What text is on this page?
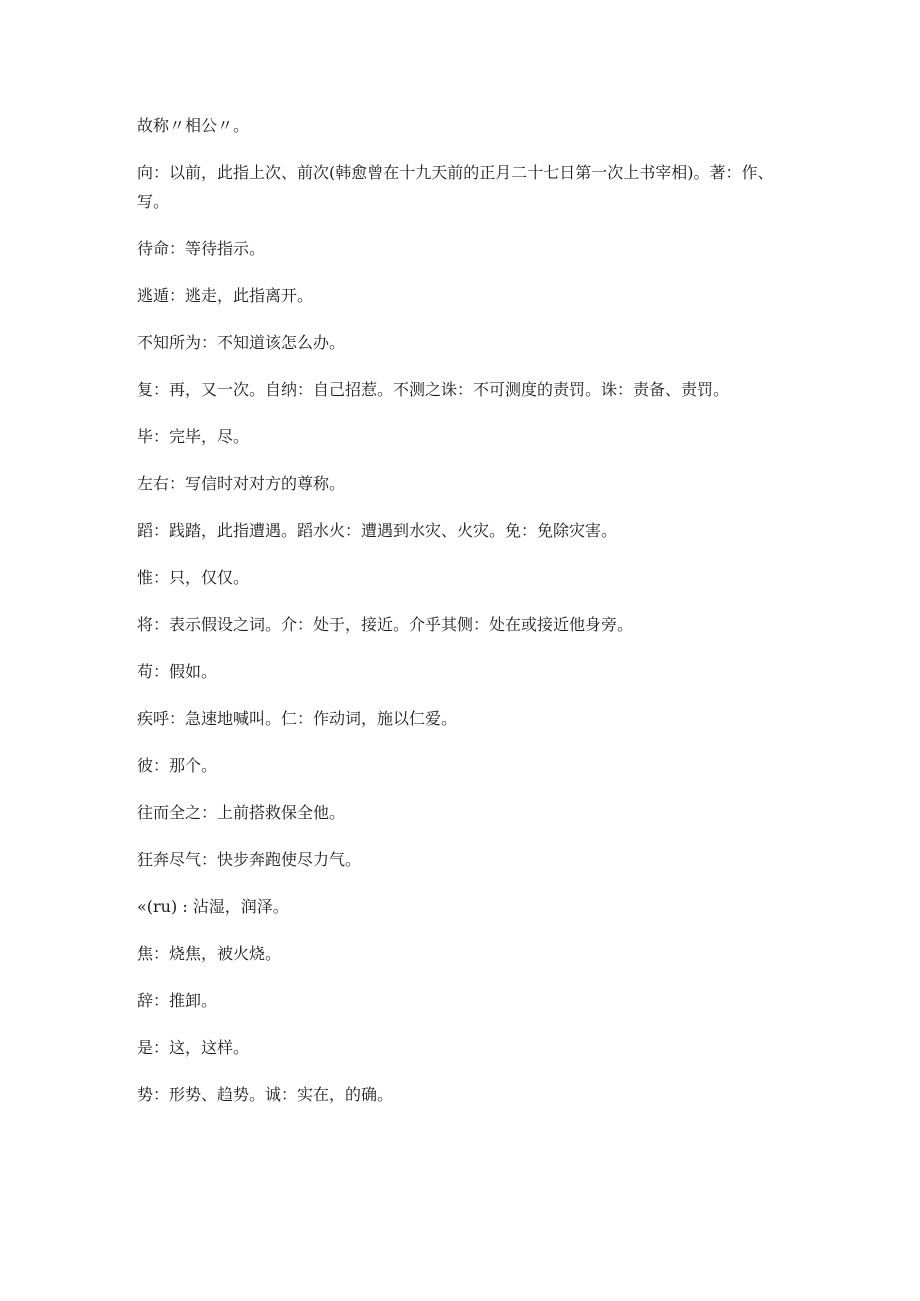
故称〃相公〃。

向：以前，此指上次、前次(韩愈曾在十九天前的正月二十七日第一次上书宰相)。著：作、写。

待命：等待指示。

逃遁：逃走，此指离开。

不知所为：不知道该怎么办。

复：再，又一次。自纳：自己招惹。不测之诛：不可测度的责罚。诛：责备、责罚。

毕：完毕，尽。

左右：写信时对对方的尊称。

蹈：践踏，此指遭遇。蹈水火：遭遇到水灾、火灾。免：免除灾害。

惟：只，仅仅。

将：表示假设之词。介：处于，接近。介乎其侧：处在或接近他身旁。

苟：假如。

疾呼：急速地喊叫。仁：作动词，施以仁爱。

彼：那个。

往而全之：上前搭救保全他。

狂奔尽气：快步奔跑使尽力气。

«(ru) : 沾湿，润泽。

焦：烧焦，被火烧。

辞：推卸。

是：这，这样。

势：形势、趋势。诚：实在，的确。
